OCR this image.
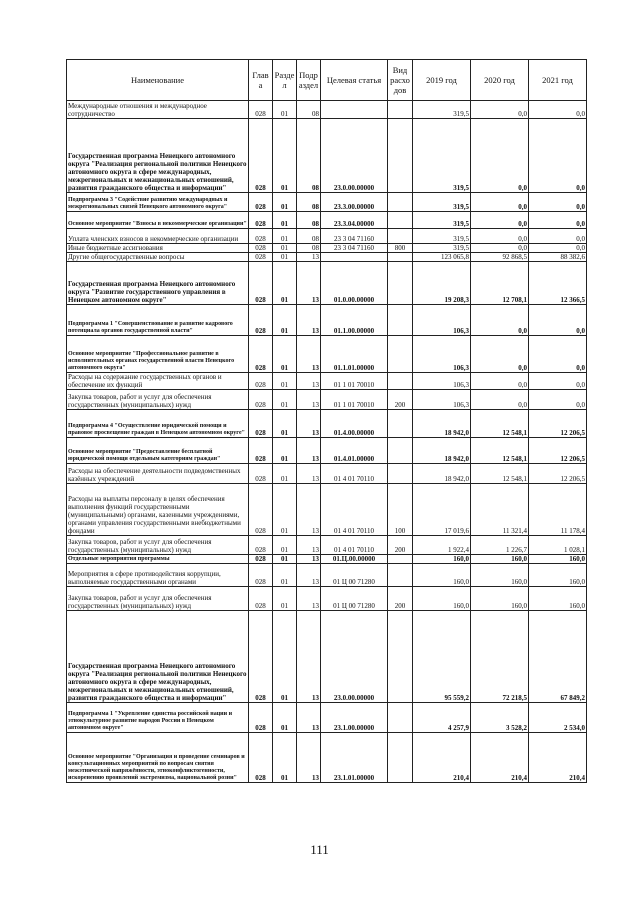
Наименование	Глав а	Разде л	Подр аздел	Целевая статья	Вид расхо дов	2019 год	2020 год	2021 год
Международные отношения и международное сотрудничество	028	01	08			319,5	0,0	0,0
Государственная программа Ненецкого автономного округа "Реализация региональной политики Ненецкого автономного округа в сфере международных, межрегиональных и межнациональных отношений, развития гражданского общества и информации"	028	01	08	23.0.00.00000		319,5	0,0	0,0
Подпрограмма 3 "Содействие развитию международных и межрегиональных связей Ненецкого автономного округа"	028	01	08	23.3.00.00000		319,5	0,0	0,0
Основное мероприятие "Взносы в некоммерческие организации"	028	01	08	23.3.04.00000		319,5	0,0	0,0
Уплата членских взносов в некоммерческие организации	028	01	08	23 3 04 71160		319,5	0,0	0,0
Иные бюджетные ассигнования	028	01	08	23 3 04 71160	800	319,5	0,0	0,0
Другие общегосударственные вопросы	028	01	13			123 065,8	92 868,5	88 382,6
Государственная программа Ненецкого автономного округа "Развитие государственного управления в Ненецком автономном округе"	028	01	13	01.0.00.00000		19 208,3	12 708,1	12 366,5
Подпрограмма 1 "Совершенствование и развитие кадрового потенциала органов государственной власти"	028	01	13	01.1.00.00000		106,3	0,0	0,0
Основное мероприятие "Профессиональное развитие в исполнительных органах государственной власти Ненецкого автономного округа"	028	01	13	01.1.01.00000		106,3	0,0	0,0
Расходы на содержание государственных органов и обеспечение их функций	028	01	13	01 1 01 70010		106,3	0,0	0,0
Закупка товаров, работ и услуг для обеспечения государственных (муниципальных) нужд	028	01	13	01 1 01 70010	200	106,3	0,0	0,0
Подпрограмма 4 "Осуществление юридической помощи и правовое просвещение граждан в Ненецком автономном округе"	028	01	13	01.4.00.00000		18 942,0	12 548,1	12 206,5
Основное мероприятие "Предоставление бесплатной юридической помощи отдельным категориям граждан"	028	01	13	01.4.01.00000		18 942,0	12 548,1	12 206,5
Расходы на обеспечение деятельности подведомственных казённых учреждений	028	01	13	01 4 01 70110		18 942,0	12 548,1	12 206,5
Расходы на выплаты персоналу в целях обеспечения выполнения функций государственными (муниципальными) органами, казенными учреждениями, органами управления государственными внебюджетными фондами	028	01	13	01 4 01 70110	100	17 019,6	11 321,4	11 178,4
Закупка товаров, работ и услуг для обеспечения государственных (муниципальных) нужд	028	01	13	01 4 01 70110	200	1 922,4	1 226,7	1 028,1
Отдельные мероприятия программы	028	01	13	01.Ц.00.00000		160,0	160,0	160,0
Мероприятия в сфере противодействия коррупции, выполняемые государственными органами	028	01	13	01 Ц 00 71280		160,0	160,0	160,0
Закупка товаров, работ и услуг для обеспечения государственных (муниципальных) нужд	028	01	13	01 Ц 00 71280	200	160,0	160,0	160,0
Государственная программа Ненецкого автономного округа "Реализация региональной политики Ненецкого автономного округа в сфере международных, межрегиональных и межнациональных отношений, развития гражданского общества и информации"	028	01	13	23.0.00.00000		95 559,2	72 218,5	67 849,2
Подпрограмма 1 "Укрепление единства российской нации и этнокультурное развитие народов России в Ненецком автономном округе"	028	01	13	23.1.00.00000		4 257,9	3 528,2	2 534,0
Основное мероприятие "Организация и проведение семинаров и консультационных мероприятий по вопросам снятия межэтнической напряжённости, этноконфликтогенности, искоренению проявлений экстремизма, национальной розни"	028	01	13	23.1.01.00000		210,4	210,4	210,4
111
